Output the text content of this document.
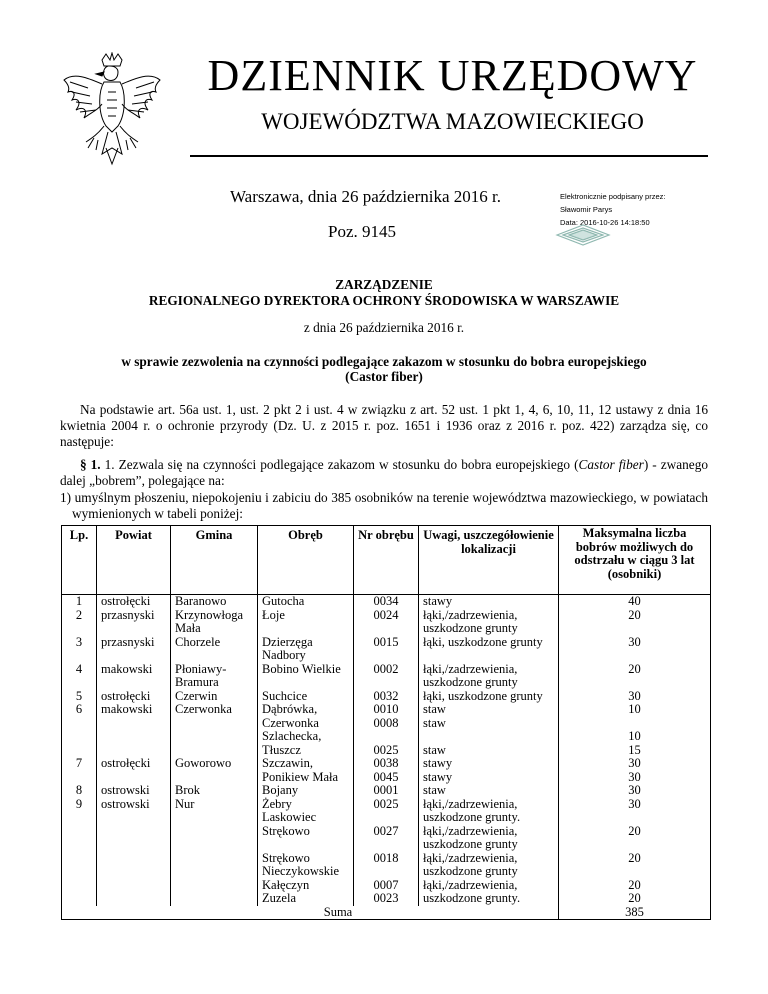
DZIENNIK URZĘDOWY
WOJEWÓDZTWA MAZOWIECKIEGO
Warszawa, dnia 26 października 2016 r.
Poz. 9145
Elektronicznie podpisany przez:
Sławomir Parys
Data: 2016-10-26 14:18:50
ZARZĄDZENIE
REGIONALNEGO DYREKTORA OCHRONY ŚRODOWISKA W WARSZAWIE
z dnia 26 października 2016 r.
w sprawie zezwolenia na czynności podlegające zakazom w stosunku do bobra europejskiego
(Castor fiber)
Na podstawie art. 56a ust. 1, ust. 2 pkt 2 i ust. 4 w związku z art. 52 ust. 1 pkt 1, 4, 6, 10, 11, 12 ustawy z dnia 16 kwietnia 2004 r. o ochronie przyrody (Dz. U. z 2015 r. poz. 1651 i 1936 oraz z 2016 r. poz. 422) zarządza się, co następuje:
§ 1. 1. Zezwala się na czynności podlegające zakazom w stosunku do bobra europejskiego (Castor fiber) - zwanego dalej „bobrem”, polegające na:
1) umyślnym płoszeniu, niepokojeniu i zabiciu do 385 osobników na terenie województwa mazowieckiego, w powiatach wymienionych w tabeli poniżej:
Lp.	Powiat	Gmina	Obręb	Nr obrębu	Uwagi, uszczegółowienie lokalizacji	Maksymalna liczba bobrów możliwych do odstrzału w ciągu 3 lat (osobniki)
1	ostrołęcki	Baranowo	Gutocha	0034	stawy	40
2	przasnyski	Krzynowłoga	Łoje	0024	łąki,/zadrzewienia,	20
		Mała			uszkodzone grunty	
3	przasnyski	Chorzele	Dzierzęga	0015	łąki, uszkodzone grunty	30
			Nadbory			
4	makowski	Płoniawy-	Bobino Wielkie	0002	łąki,/zadrzewienia,	20
		Bramura			uszkodzone grunty	
5	ostrołęcki	Czerwin	Suchcice	0032	łąki, uszkodzone grunty	30
6	makowski	Czerwonka	Dąbrówka,	0010	staw	10
			Czerwonka	0008	staw	
			Szlachecka,			10
			Tłuszcz	0025	staw	15
7	ostrołęcki	Goworowo	Szczawin,	0038	stawy	30
			Ponikiew Mała	0045	stawy	30
8	ostrowski	Brok	Bojany	0001	staw	30
9	ostrowski	Nur	Żebry	0025	łąki,/zadrzewienia,	30
			Laskowiec		uszkodzone grunty.	
			Strękowo	0027	łąki,/zadrzewienia,	20
					uszkodzone grunty	
			Strękowo	0018	łąki,/zadrzewienia,	20
			Nieczykowskie		uszkodzone grunty	
			Kałęczyn	0007	łąki,/zadrzewienia,	20
			Zuzela	0023	uszkodzone grunty.	20
Suma						385
